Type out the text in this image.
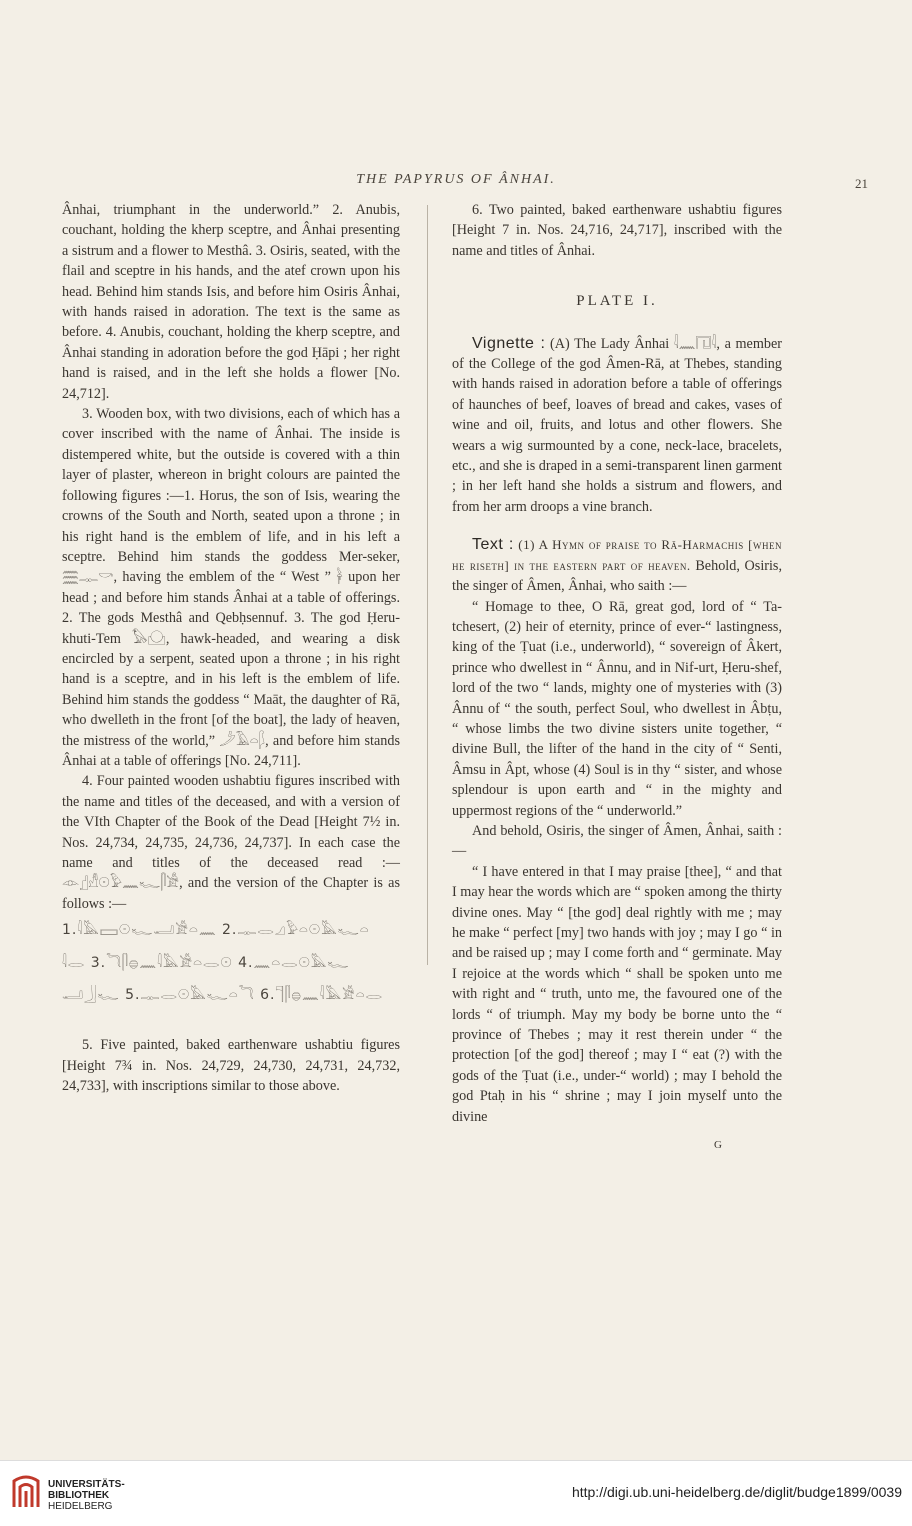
THE PAPYRUS OF ÂNHAI.	21

Ânhai, triumphant in the underworld.” 2. Anubis, couchant, holding the kherp sceptre, and Ânhai presenting a sistrum and a flower to Mesthâ. 3. Osiris, seated, with the flail and sceptre in his hands, and the atef crown upon his head. Behind him stands Isis, and before him Osiris Ânhai, with hands raised in adoration. The text is the same as before. 4. Anubis, couchant, holding the kherp sceptre, and Ânhai standing in adoration before the god Ḥāpi ; her right hand is raised, and in the left she holds a flower [No. 24,712].

3. Wooden box, with two divisions, each of which has a cover inscribed with the name of Ânhai. The inside is distempered white, but the outside is covered with a thin layer of plaster, whereon in bright colours are painted the following figures :—1. Horus, the son of Isis, wearing the crowns of the South and North, seated upon a throne ; in his right hand is the emblem of life, and in his left a sceptre. Behind him stands the goddess Mer-seker, 𓈗𓊃𓎡, having the emblem of the “ West ” 𓋀 upon her head ; and before him stands Ânhai at a table of offerings. 2. The gods Mesthâ and Qebḥsennuf. 3. The god Ḥeru-khuti-Tem 𓅃𓈌, hawk-headed, and wearing a disk encircled by a serpent, seated upon a throne ; in his right hand is a sceptre, and in his left is the emblem of life. Behind him stands the goddess “ Maāt, the daughter of Rā, who dwelleth in the front [of the boat], the lady of heaven, the mistress of the world,” 𓌳𓄿𓏏𓆄, and before him stands Ânhai at a table of offerings [No. 24,711].

4. Four painted wooden ushabtiu figures inscribed with the name and titles of the deceased, and with a version of the VIth Chapter of the Book of the Dead [Height 7½ in. Nos. 24,734, 24,735, 24,736, 24,737]. In each case the name and titles of the deceased read :— 𓁹𓊨𓀭𓇳𓅱𓈖𓆑𓋴𓀀, and the version of the Chapter is as follows :—

1.𓇋𓅓𓈙𓇳𓆑𓂝𓀀𓏏𓈖 2.𓊃𓂋𓈎𓅱𓏏𓇳𓅓𓆑𓏏
𓇋𓂋 3.𓆓𓋴𓐍𓈖𓇋𓅓𓀀𓏏𓂋𓇳 4.𓈖𓏏𓂋𓇳𓅓𓆑
𓂝𓃀𓆑 5.𓊃𓂋𓇳𓅓𓆑𓏏𓆓 6.𓊹𓋴𓐍𓈖𓇋𓅓𓀀𓏏𓂋

5. Five painted, baked earthenware ushabtiu figures [Height 7¾ in. Nos. 24,729, 24,730, 24,731, 24,732, 24,733], with inscriptions similar to those above.

6. Two painted, baked earthenware ushabtiu figures [Height 7 in. Nos. 24,716, 24,717], inscribed with the name and titles of Ânhai.

PLATE I.

Vignette : (A) The Lady Ânhai 𓇋𓈖𓉔𓇋, a member of the College of the god Âmen-Rā, at Thebes, standing with hands raised in adoration before a table of offerings of haunches of beef, loaves of bread and cakes, vases of wine and oil, fruits, and lotus and other flowers. She wears a wig surmounted by a cone, neck-lace, bracelets, etc., and she is draped in a semi-transparent linen garment ; in her left hand she holds a sistrum and flowers, and from her arm droops a vine branch.

Text : (1) A Hymn of praise to Rā-Harmachis [when he riseth] in the eastern part of heaven. Behold, Osiris, the singer of Âmen, Ânhai, who saith :—

“ Homage to thee, O Rā, great god, lord of “ Ta-tchesert, (2) heir of eternity, prince of ever-“ lastingness, king of the Ṭuat (i.e., underworld), “ sovereign of Âkert, prince who dwellest in “ Ânnu, and in Nif-urt, Ḥeru-shef, lord of the two “ lands, mighty one of mysteries with (3) Ânnu of “ the south, perfect Soul, who dwellest in Âbṭu, “ whose limbs the two divine sisters unite together, “ divine Bull, the lifter of the hand in the city of “ Senti, Âmsu in Âpt, whose (4) Soul is in thy “ sister, and whose splendour is upon earth and “ in the mighty and uppermost regions of the “ underworld.”

And behold, Osiris, the singer of Âmen, Ânhai, saith :—

“ I have entered in that I may praise [thee], “ and that I may hear the words which are “ spoken among the thirty divine ones. May “ [the god] deal rightly with me ; may he make “ perfect [my] two hands with joy ; may I go “ in and be raised up ; may I come forth and “ germinate. May I rejoice at the words which “ shall be spoken unto me with right and “ truth, unto me, the favoured one of the lords “ of triumph. May my body be borne unto the “ province of Thebes ; may it rest therein under “ the protection [of the god] thereof ; may I “ eat (?) with the gods of the Ṭuat (i.e., under-“ world) ; may I behold the god Ptaḥ in his “ shrine ; may I join myself unto the divine

G
UNIVERSITÄTS-
BIBLIOTHEK
HEIDELBERG
http://digi.ub.uni-heidelberg.de/diglit/budge1899/0039
